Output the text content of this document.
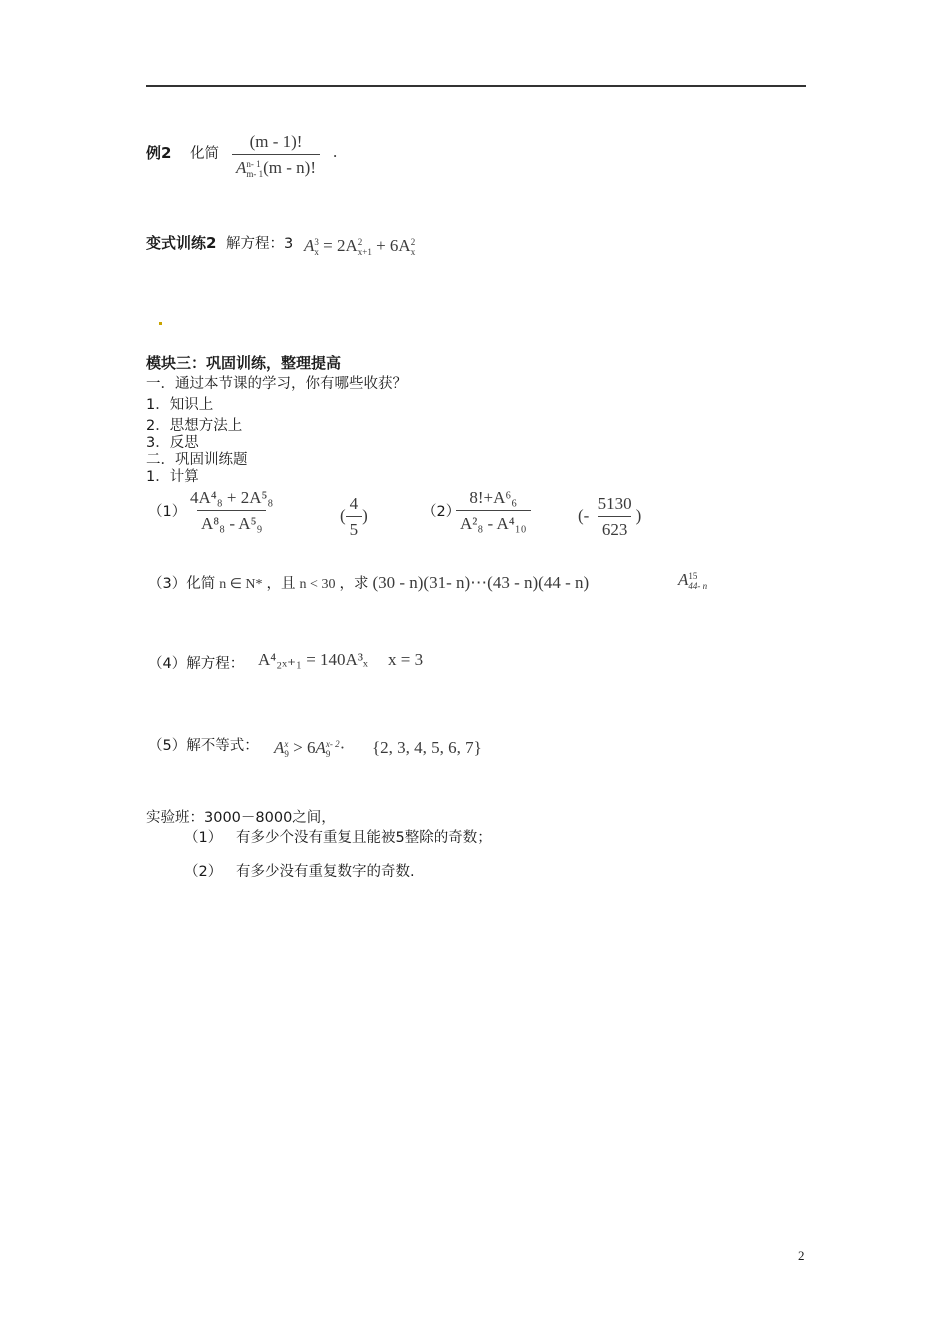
例2 化简 (m - 1)!
A n- 1
m- 1 (m - n)! .
变式训练2 解方程：3 A 3
x = 2A 2
x+1 + 6A 2
x
模块三：巩固训练，整理提高
一．通过本节课的学习，你有哪些收获？
1．知识上
2．思想方法上
3．反思
二．巩固训练题
1．计算
$(1) \frac{\text{4A⁴₈ + 2A⁵₈}}{\text{A⁸₈ - A⁵₉}}$	( $\frac{4}{5}$ )	（2）
$\frac{\text{8!+A⁶₆}}{\text{A²₈ - A⁴₁₀}}$	(- $\frac{5130}{623}$ )
（3）化简 n ∈ N* ，且 n < 30 ，求 (30 - n)(31- n)⋯(43 - n)(44 - n)	A 15
44- n
（4）解方程： A⁴₂ₓ₊₁ = 140A³ₓ x = 3
（5）解不等式： A x
9 > 6A x- 2
9 · {2, 3, 4, 5, 6, 7}
实验班：3000－8000之间，
（1） 有多少个没有重复且能被5整除的奇数；
（2） 有多少没有重复数字的奇数.
2
